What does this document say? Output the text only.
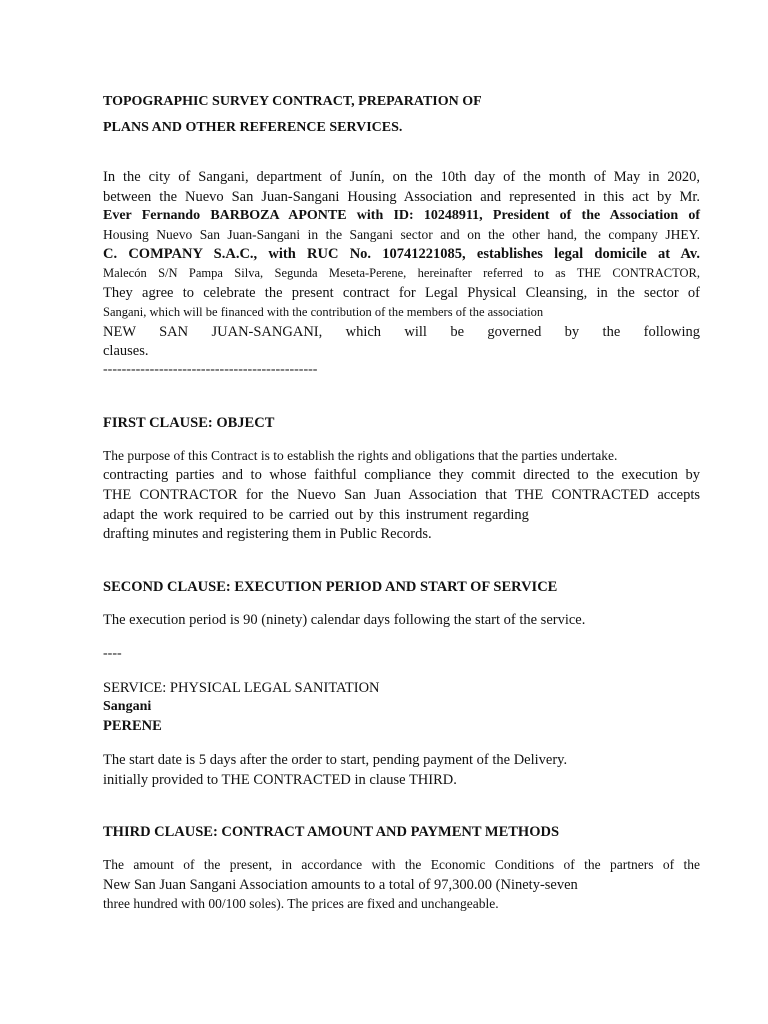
TOPOGRAPHIC SURVEY CONTRACT, PREPARATION OF

PLANS AND OTHER REFERENCE SERVICES.

In the city of Sangani, department of Junín, on the 10th day of the month of May in 2020,

between the Nuevo San Juan-Sangani Housing Association and represented in this act by Mr.

Ever Fernando BARBOZA APONTE with ID: 10248911, President of the Association of

Housing Nuevo San Juan-Sangani in the Sangani sector and on the other hand, the company JHEY.

C. COMPANY S.A.C., with RUC No. 10741221085, establishes legal domicile at Av.

Malecón S/N Pampa Silva, Segunda Meseta-Perene, hereinafter referred to as THE CONTRACTOR,

They agree to celebrate the present contract for Legal Physical Cleansing, in the sector of

Sangani, which will be financed with the contribution of the members of the association

NEW SAN JUAN-SANGANI, which will be governed by the following

clauses.

----------------------------------------------

FIRST CLAUSE: OBJECT

The purpose of this Contract is to establish the rights and obligations that the parties undertake.

contracting parties and to whose faithful compliance they commit directed to the execution by

THE CONTRACTOR for the Nuevo San Juan Association that THE CONTRACTED accepts

adapt the work required to be carried out by this instrument regarding

drafting minutes and registering them in Public Records.

SECOND CLAUSE: EXECUTION PERIOD AND START OF SERVICE

The execution period is 90 (ninety) calendar days following the start of the service.

----

SERVICE: PHYSICAL LEGAL SANITATION

Sangani

PERENE

The start date is 5 days after the order to start, pending payment of the Delivery.

initially provided to THE CONTRACTED in clause THIRD.

THIRD CLAUSE: CONTRACT AMOUNT AND PAYMENT METHODS

The amount of the present, in accordance with the Economic Conditions of the partners of the

New San Juan Sangani Association amounts to a total of 97,300.00 (Ninety-seven

three hundred with 00/100 soles). The prices are fixed and unchangeable.
